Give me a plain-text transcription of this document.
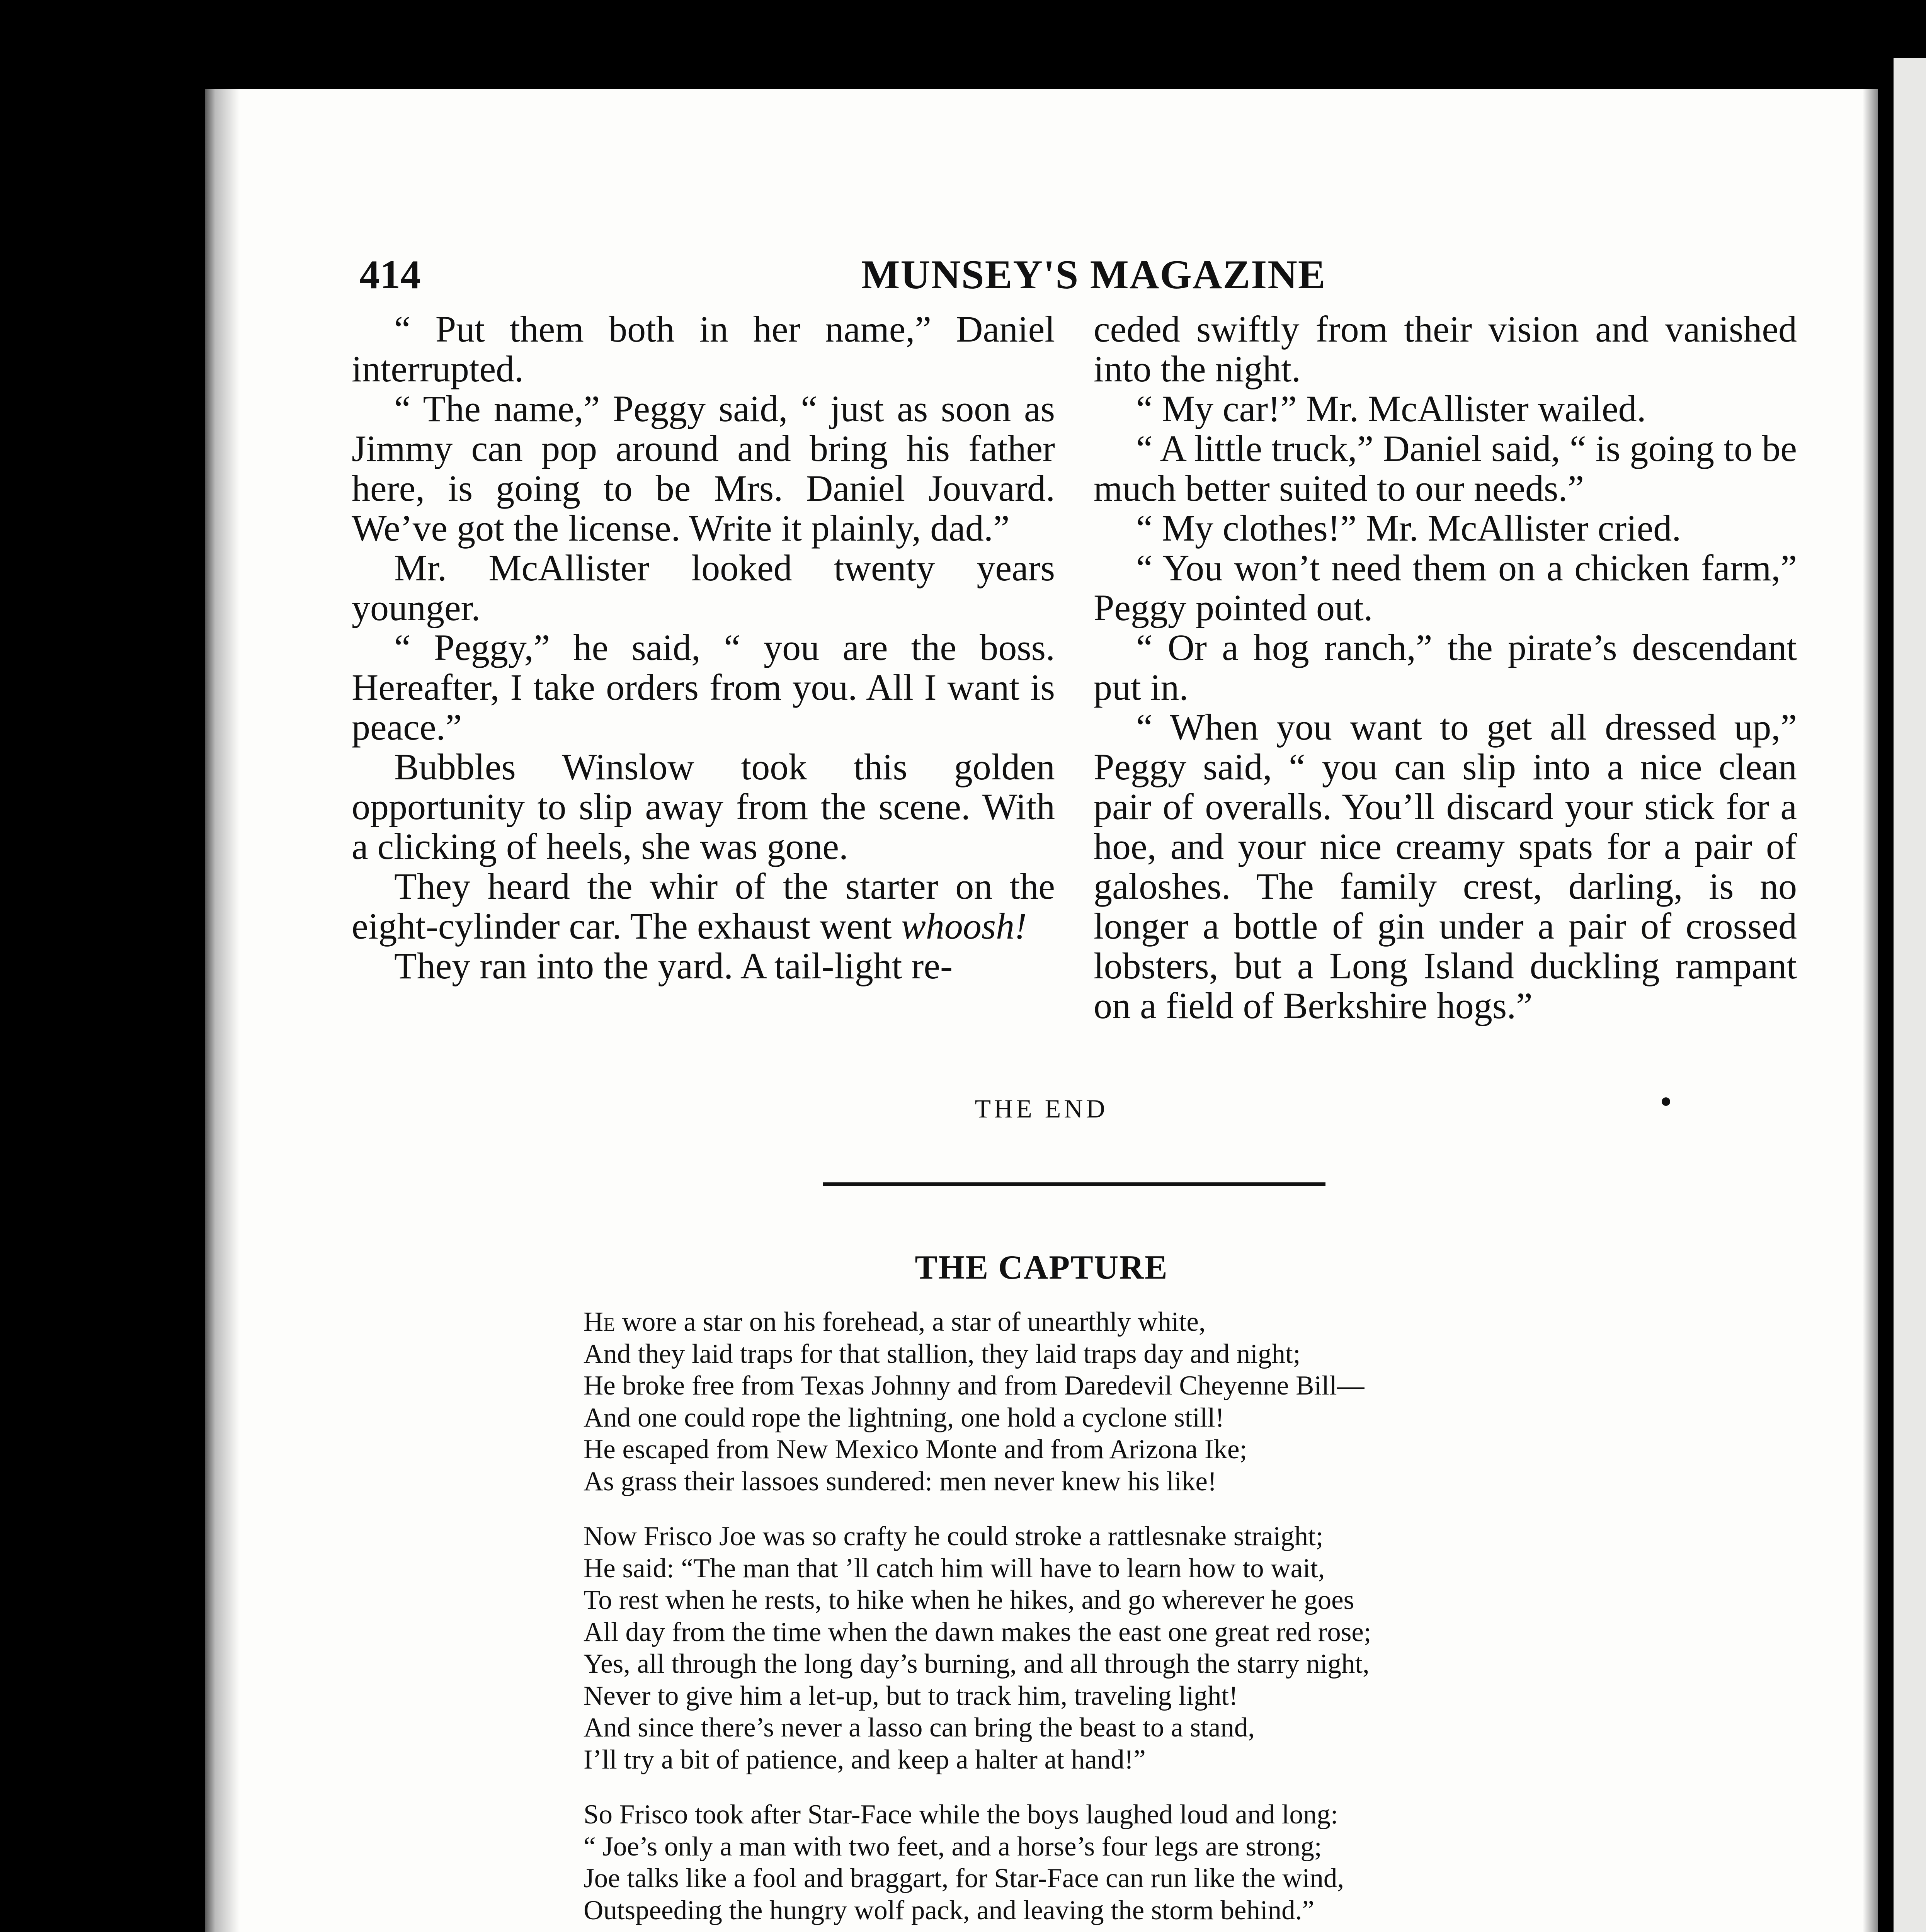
MUNSEY'S MAGAZINE
414

“ Put them both in her name,” Daniel interrupted.

“ The name,” Peggy said, “ just as soon as Jimmy can pop around and bring his father here, is going to be Mrs. Daniel Jouvard. We’ve got the license. Write it plainly, dad.”

Mr. McAllister looked twenty years younger.

“ Peggy,” he said, “ you are the boss. Hereafter, I take orders from you. All I want is peace.”

Bubbles Winslow took this golden opportunity to slip away from the scene. With a clicking of heels, she was gone.

They heard the whir of the starter on the eight-cylinder car. The exhaust went whoosh!

They ran into the yard. A tail-light re-

ceded swiftly from their vision and vanished into the night.

“ My car!” Mr. McAllister wailed.

“ A little truck,” Daniel said, “ is going to be much better suited to our needs.”

“ My clothes!” Mr. McAllister cried.

“ You won’t need them on a chicken farm,” Peggy pointed out.

“ Or a hog ranch,” the pirate’s descendant put in.

“ When you want to get all dressed up,” Peggy said, “ you can slip into a nice clean pair of overalls. You’ll discard your stick for a hoe, and your nice creamy spats for a pair of galoshes. The family crest, darling, is no longer a bottle of gin under a pair of crossed lobsters, but a Long Island duckling rampant on a field of Berkshire hogs.”

THE END
THE CAPTURE
He wore a star on his forehead, a star of unearthly white,
And they laid traps for that stallion, they laid traps day and night;
He broke free from Texas Johnny and from Daredevil Cheyenne Bill—
And one could rope the lightning, one hold a cyclone still!
He escaped from New Mexico Monte and from Arizona Ike;
As grass their lassoes sundered: men never knew his like!
Now Frisco Joe was so crafty he could stroke a rattlesnake straight;
He said: “The man that ’ll catch him will have to learn how to wait,
To rest when he rests, to hike when he hikes, and go wherever he goes
All day from the time when the dawn makes the east one great red rose;
Yes, all through the long day’s burning, and all through the starry night,
Never to give him a let-up, but to track him, traveling light!
And since there’s never a lasso can bring the beast to a stand,
I’ll try a bit of patience, and keep a halter at hand!”
So Frisco took after Star-Face while the boys laughed loud and long:
“ Joe’s only a man with two feet, and a horse’s four legs are strong;
Joe talks like a fool and braggart, for Star-Face can run like the wind,
Outspeeding the hungry wolf pack, and leaving the storm behind.”
